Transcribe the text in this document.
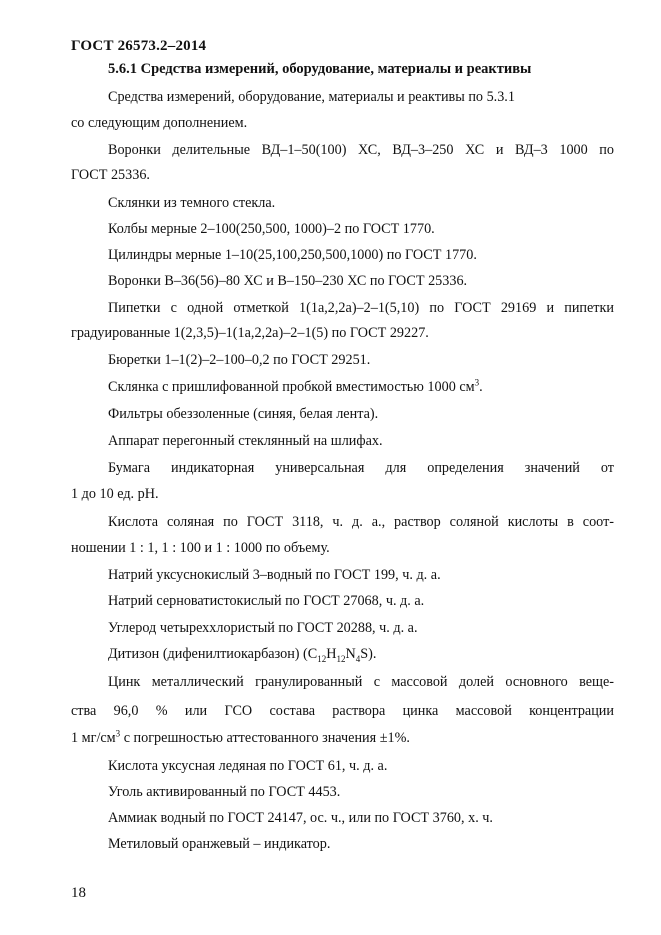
ГОСТ 26573.2–2014
5.6.1 Средства измерений, оборудование, материалы и реактивы
Средства измерений, оборудование, материалы и реактивы по 5.3.1
со следующим дополнением.
Воронки делительные ВД–1–50(100) ХС, ВД–3–250 ХС и ВД–3 1000 по
ГОСТ 25336.
Склянки из темного стекла.
Колбы мерные 2–100(250,500, 1000)–2 по ГОСТ 1770.
Цилиндры мерные 1–10(25,100,250,500,1000) по ГОСТ 1770.
Воронки В–36(56)–80 ХС и В–150–230 ХС по ГОСТ 25336.
Пипетки с одной отметкой 1(1а,2,2а)–2–1(5,10) по ГОСТ 29169 и пипетки
градуированные 1(2,3,5)–1(1а,2,2а)–2–1(5) по ГОСТ 29227.
Бюретки 1–1(2)–2–100–0,2 по ГОСТ 29251.
Склянка с пришлифованной пробкой вместимостью 1000 $см^3$.
Фильтры обеззоленные (синяя, белая лента).
Аппарат перегонный стеклянный на шлифах.
Бумага индикаторная универсальная для определения значений от
1 до 10 ед. рН.
Кислота соляная по ГОСТ 3118, ч. д. а., раствор соляной кислоты в соот-
ношении 1 : 1, 1 : 100 и 1 : 1000 по объему.
Натрий уксуснокислый 3–водный по ГОСТ 199, ч. д. а.
Натрий серноватистокислый по ГОСТ 27068, ч. д. а.
Углерод четыреххлористый по ГОСТ 20288, ч. д. а.
Дитизон (дифенилтиокарбазон) $(С_{12}Н_{12}N_4S)$.
Цинк металлический гранулированный с массовой долей основного веще-
ства 96,0 % или ГСО состава раствора цинка массовой концентрации
1 $мг/см^3$ с погрешностью аттестованного значения ±1%.
Кислота уксусная ледяная по ГОСТ 61, ч. д. а.
Уголь активированный по ГОСТ 4453.
Аммиак водный по ГОСТ 24147, ос. ч., или по ГОСТ 3760, х. ч.
Метиловый оранжевый – индикатор.
18
